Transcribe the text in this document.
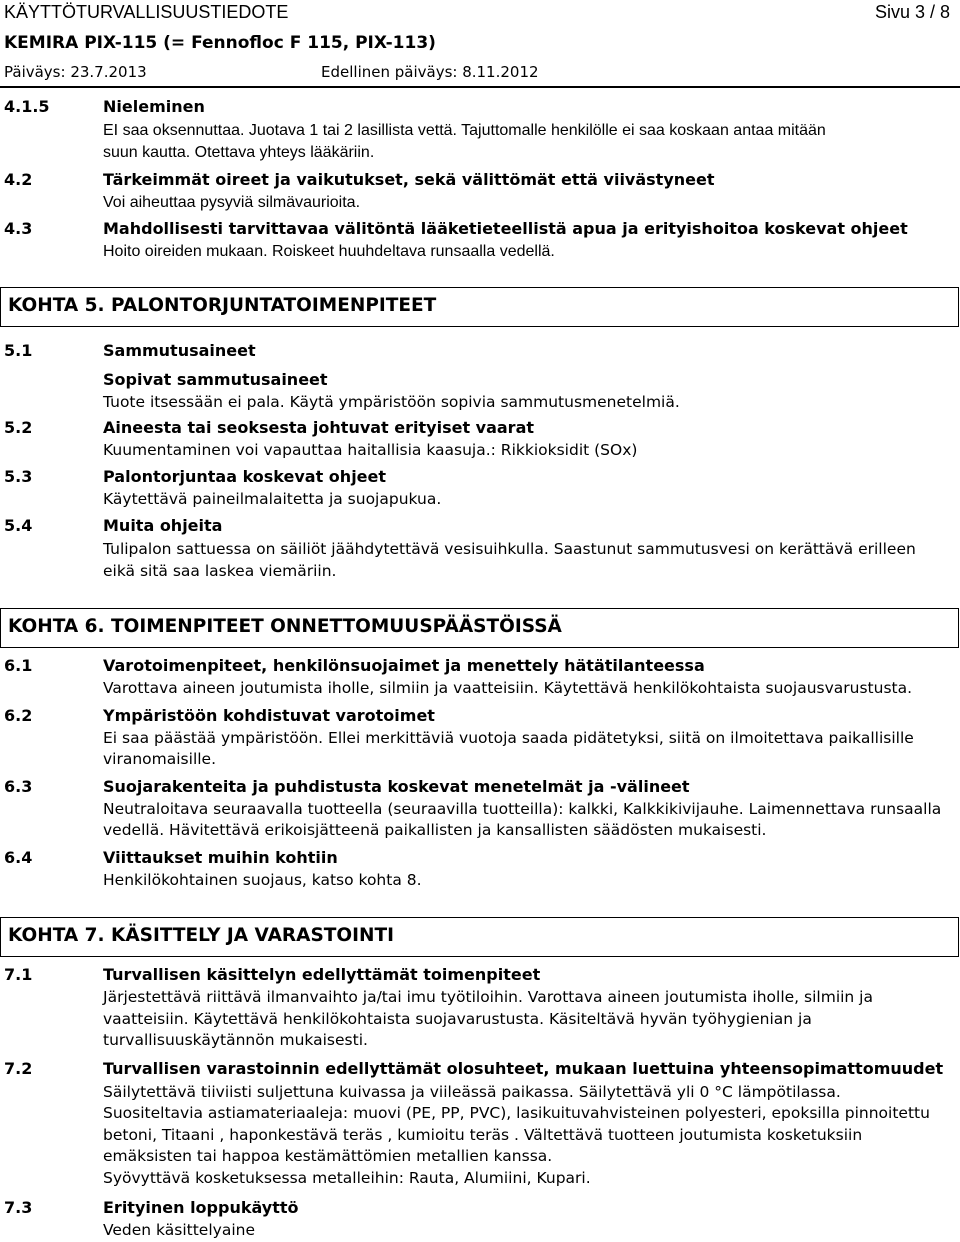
KÄYTTÖTURVALLISUUSTIEDOTE	Sivu 3 / 8
KEMIRA PIX-115 (= Fennofloc F 115, PIX-113)
Päiväys: 23.7.2013	Edellinen päiväys: 8.11.2012
4.1.5	Nieleminen
EI saa oksennuttaa. Juotava 1 tai 2 lasillista vettä. Tajuttomalle henkilölle ei saa koskaan antaa mitään
suun kautta. Otettava yhteys lääkäriin.
4.2	Tärkeimmät oireet ja vaikutukset, sekä välittömät että viivästyneet
Voi aiheuttaa pysyviä silmävaurioita.
4.3	Mahdollisesti tarvittavaa välitöntä lääketieteellistä apua ja erityishoitoa koskevat ohjeet
Hoito oireiden mukaan. Roiskeet huuhdeltava runsaalla vedellä.
KOHTA 5. PALONTORJUNTATOIMENPITEET
5.1	Sammutusaineet
Sopivat sammutusaineet
Tuote itsessään ei pala. Käytä ympäristöön sopivia sammutusmenetelmiä.
5.2	Aineesta tai seoksesta johtuvat erityiset vaarat
Kuumentaminen voi vapauttaa haitallisia kaasuja.: Rikkioksidit (SOx)
5.3	Palontorjuntaa koskevat ohjeet
Käytettävä paineilmalaitetta ja suojapukua.
5.4	Muita ohjeita
Tulipalon sattuessa on säiliöt jäähdytettävä vesisuihkulla. Saastunut sammutusvesi on kerättävä erilleen
eikä sitä saa laskea viemäriin.
KOHTA 6. TOIMENPITEET ONNETTOMUUSPÄÄSTÖISSÄ
6.1	Varotoimenpiteet, henkilönsuojaimet ja menettely hätätilanteessa
Varottava aineen joutumista iholle, silmiin ja vaatteisiin. Käytettävä henkilökohtaista suojausvarustusta.
6.2	Ympäristöön kohdistuvat varotoimet
Ei saa päästää ympäristöön. Ellei merkittäviä vuotoja saada pidätetyksi, siitä on ilmoitettava paikallisille
viranomaisille.
6.3	Suojarakenteita ja puhdistusta koskevat menetelmät ja -välineet
Neutraloitava seuraavalla tuotteella (seuraavilla tuotteilla): kalkki, Kalkkikivijauhe. Laimennettava runsaalla
vedellä. Hävitettävä erikoisjätteenä paikallisten ja kansallisten säädösten mukaisesti.
6.4	Viittaukset muihin kohtiin
Henkilökohtainen suojaus, katso kohta 8.
KOHTA 7. KÄSITTELY JA VARASTOINTI
7.1	Turvallisen käsittelyn edellyttämät toimenpiteet
Järjestettävä riittävä ilmanvaihto ja/tai imu työtiloihin. Varottava aineen joutumista iholle, silmiin ja
vaatteisiin. Käytettävä henkilökohtaista suojavarustusta. Käsiteltävä hyvän työhygienian ja
turvallisuuskäytännön mukaisesti.
7.2	Turvallisen varastoinnin edellyttämät olosuhteet, mukaan luettuina yhteensopimattomuudet
Säilytettävä tiiviisti suljettuna kuivassa ja viileässä paikassa. Säilytettävä yli 0 °C lämpötilassa.
Suositeltavia astiamateriaaleja: muovi (PE, PP, PVC), lasikuituvahvisteinen polyesteri, epoksilla pinnoitettu
betoni, Titaani , haponkestävä teräs , kumioitu teräs . Vältettävä tuotteen joutumista kosketuksiin
emäksisten tai happoa kestämättömien metallien kanssa.
Syövyttävä kosketuksessa metalleihin: Rauta, Alumiini, Kupari.
7.3	Erityinen loppukäyttö
Veden käsittelyaine
